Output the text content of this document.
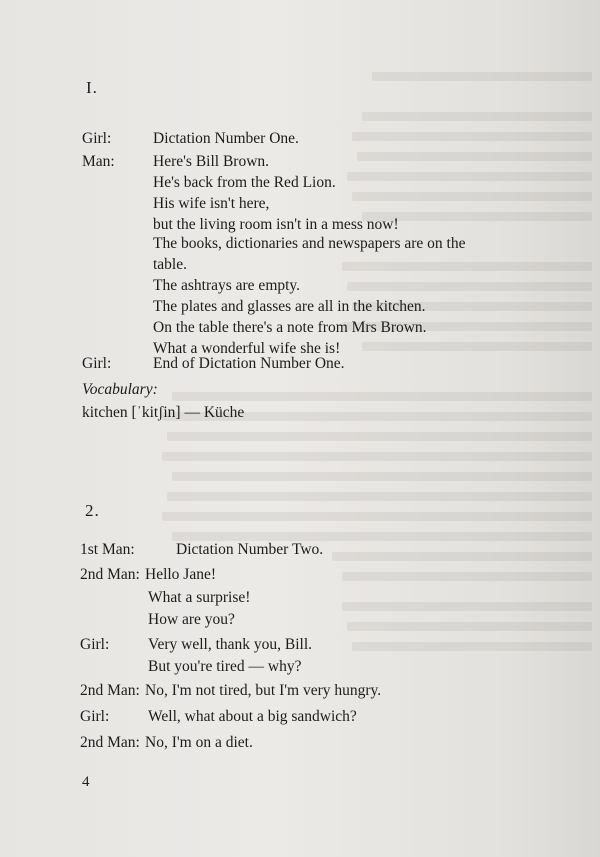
I.
Girl:	Dictation Number One.
Man: Here's Bill Brown.
He's back from the Red Lion.
His wife isn't here,
but the living room isn't in a mess now!
The books, dictionaries and newspapers are on the
table.
The ashtrays are empty.
The plates and glasses are all in the kitchen.
On the table there's a note from Mrs Brown.
What a wonderful wife she is!
Girl:	End of Dictation Number One.
Vocabulary:
kitchen [ˈkitʃin] — Küche
2.
1st Man:	Dictation Number Two.
2nd Man: Hello Jane!
What a surprise!
How are you?
Girl: Very well, thank you, Bill.
But you're tired — why?
2nd Man: No, I'm not tired, but I'm very hungry.
Girl: Well, what about a big sandwich?
2nd Man: No, I'm on a diet.
4
